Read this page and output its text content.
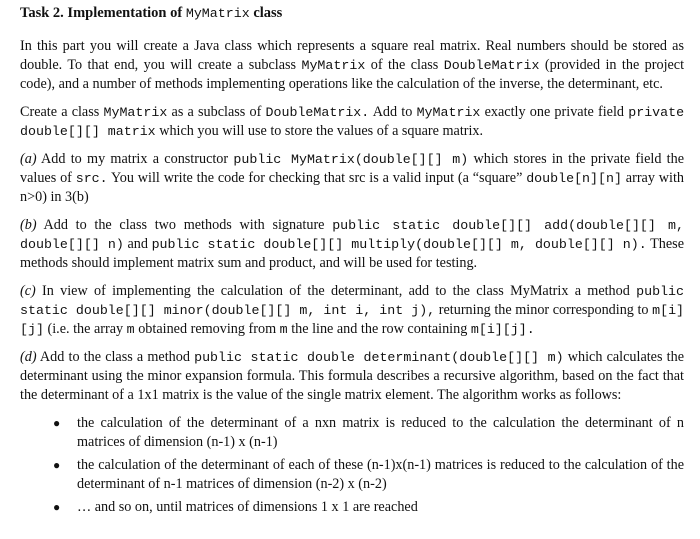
Task 2. Implementation of MyMatrix class

In this part you will create a Java class which represents a square real matrix. Real numbers should be stored as double. To that end, you will create a subclass MyMatrix of the class DoubleMatrix (provided in the project code), and a number of methods implementing operations like the calculation of the inverse, the determinant, etc.

Create a class MyMatrix as a subclass of DoubleMatrix. Add to MyMatrix exactly one private field private double[][] matrix which you will use to store the values of a square matrix.

(a) Add to my matrix a constructor public MyMatrix(double[][] m) which stores in the private field the values of src. You will write the code for checking that src is a valid input (a “square” double[n][n] array with n>0) in 3(b)

(b) Add to the class two methods with signature public static double[][] add(double[][] m, double[][] n) and public static double[][] multiply(double[][] m, double[][] n). These methods should implement matrix sum and product, and will be used for testing.

(c) In view of implementing the calculation of the determinant, add to the class MyMatrix a method public static double[][] minor(double[][] m, int i, int j), returning the minor corresponding to m[i][j] (i.e. the array m obtained removing from m the line and the row containing m[i][j].

(d) Add to the class a method public static double determinant(double[][] m) which calculates the determinant using the minor expansion formula. This formula describes a recursive algorithm, based on the fact that the determinant of a 1x1 matrix is the value of the single matrix element. The algorithm works as follows:

● the calculation of the determinant of a nxn matrix is reduced to the calculation the determinant of n matrices of dimension (n-1) x (n-1)
● the calculation of the determinant of each of these (n-1)x(n-1) matrices is reduced to the calculation of the determinant of n-1 matrices of dimension (n-2) x (n-2)
● … and so on, until matrices of dimensions 1 x 1 are reached
